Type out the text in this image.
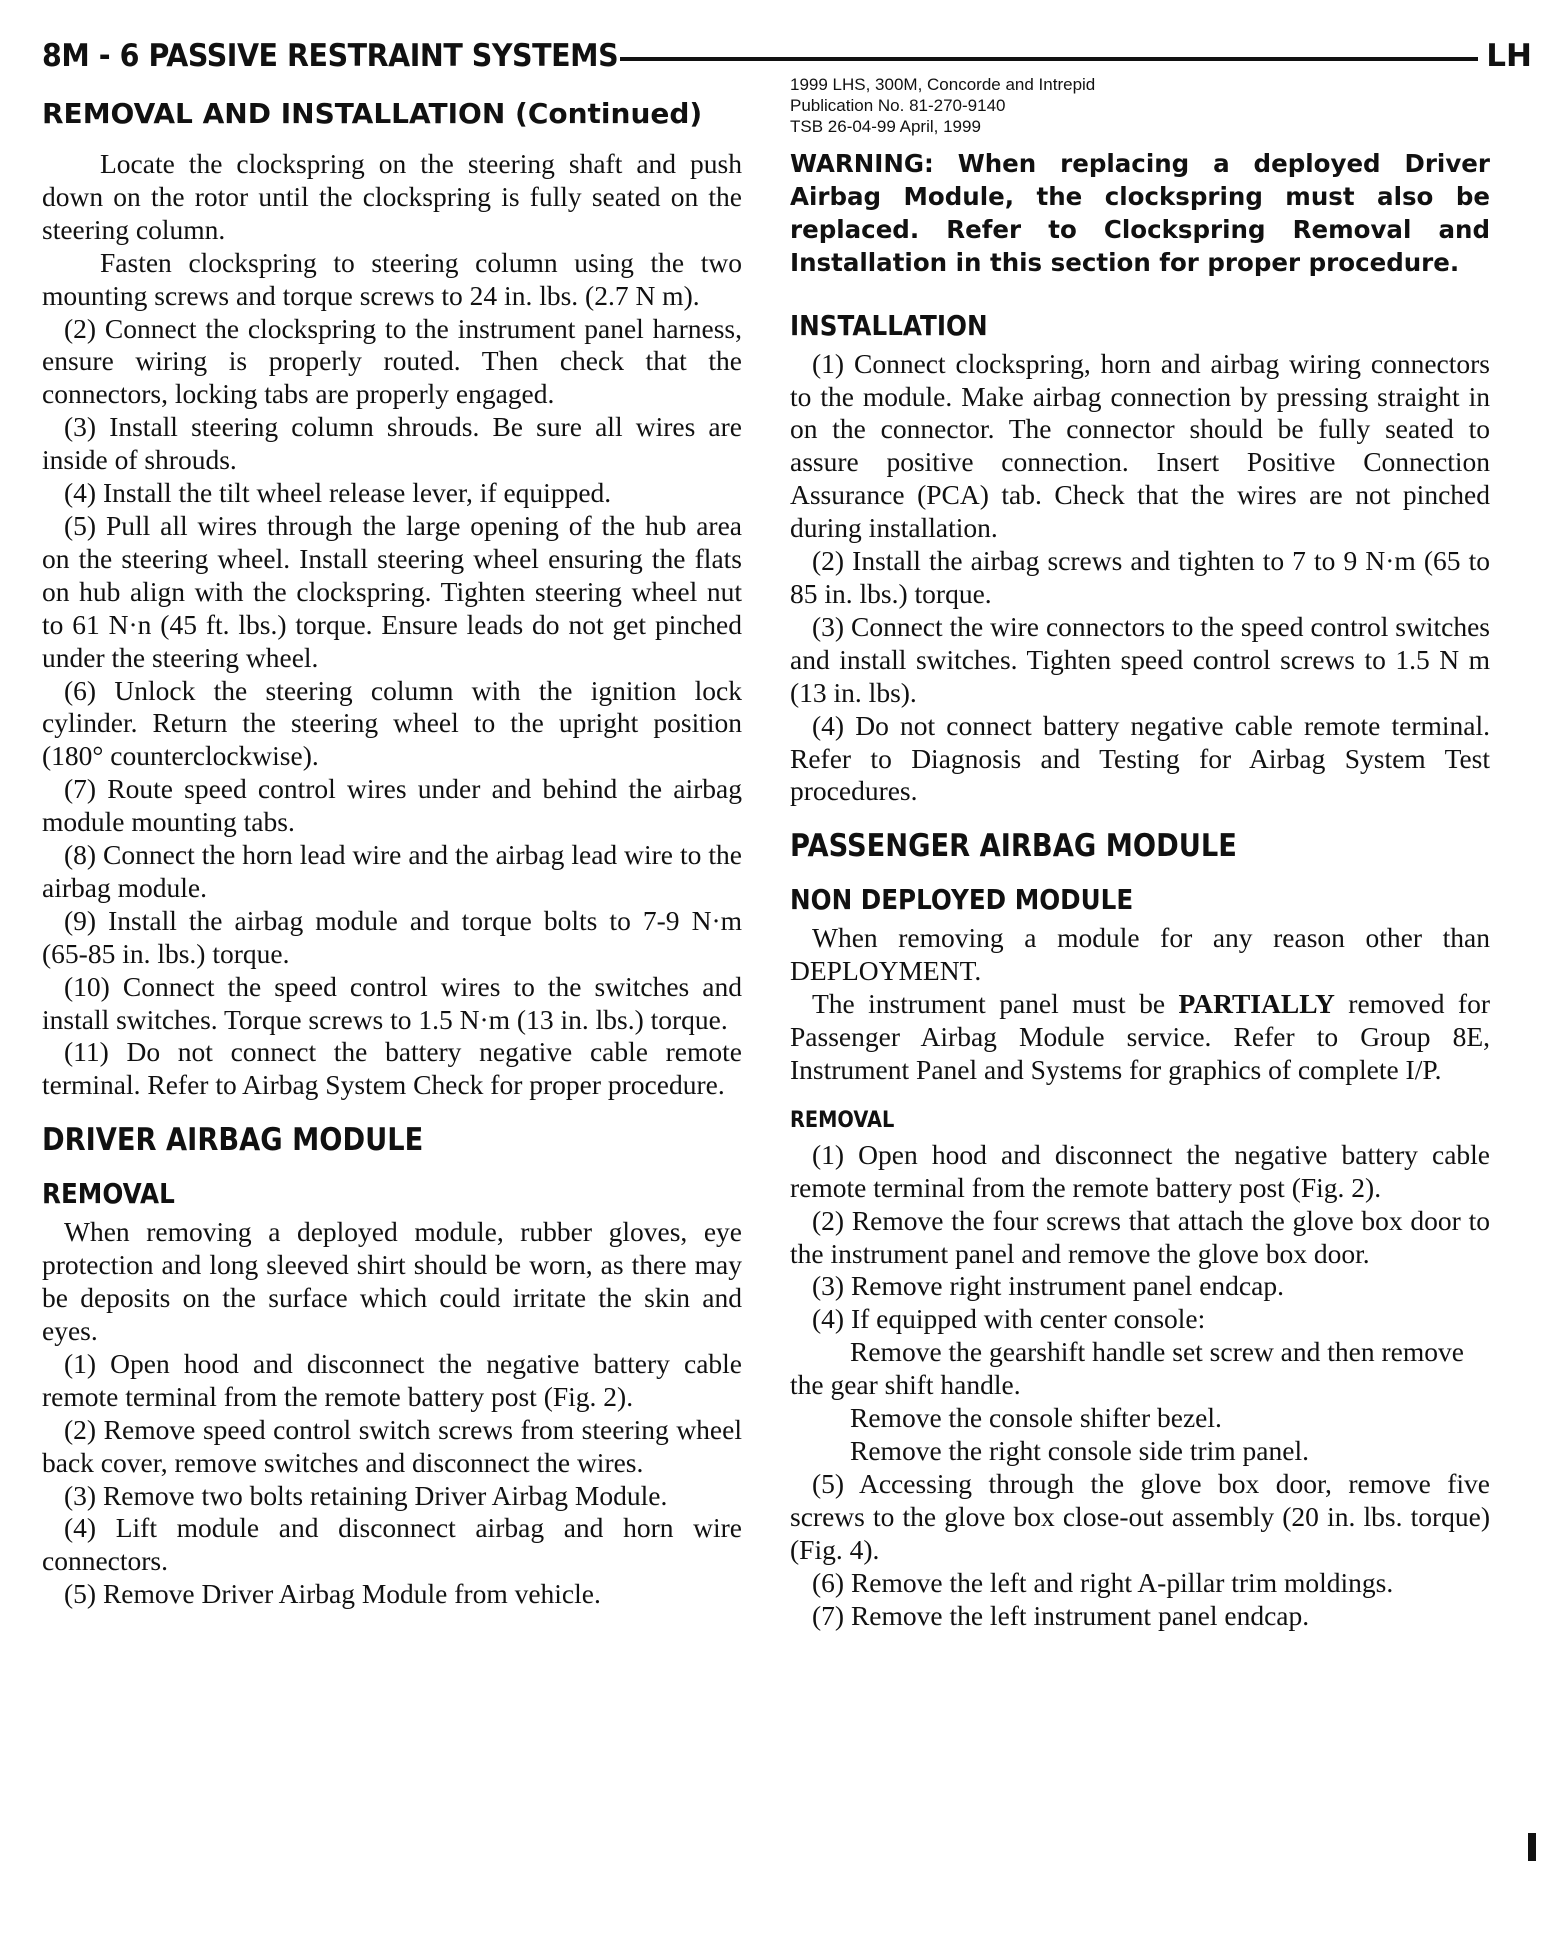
8M - 6 PASSIVE RESTRAINT SYSTEMS	LH
1999 LHS, 300M, Concorde and Intrepid
Publication No. 81-270-9140
TSB 26-04-99 April, 1999
REMOVAL AND INSTALLATION (Continued)

Locate the clockspring on the steering shaft and push down on the rotor until the clockspring is fully seated on the steering column.

Fasten clockspring to steering column using the two mounting screws and torque screws to 24 in. lbs. (2.7 N m).

(2) Connect the clockspring to the instrument panel harness, ensure wiring is properly routed. Then check that the connectors, locking tabs are properly engaged.

(3) Install steering column shrouds. Be sure all wires are inside of shrouds.

(4) Install the tilt wheel release lever, if equipped.

(5) Pull all wires through the large opening of the hub area on the steering wheel. Install steering wheel ensuring the flats on hub align with the clockspring. Tighten steering wheel nut to 61 N·n (45 ft. lbs.) torque. Ensure leads do not get pinched under the steering wheel.

(6) Unlock the steering column with the ignition lock cylinder. Return the steering wheel to the upright position (180° counterclockwise).

(7) Route speed control wires under and behind the airbag module mounting tabs.

(8) Connect the horn lead wire and the airbag lead wire to the airbag module.

(9) Install the airbag module and torque bolts to 7-9 N·m (65-85 in. lbs.) torque.

(10) Connect the speed control wires to the switches and install switches. Torque screws to 1.5 N·m (13 in. lbs.) torque.

(11) Do not connect the battery negative cable remote terminal. Refer to Airbag System Check for proper procedure.

DRIVER AIRBAG MODULE
REMOVAL

When removing a deployed module, rubber gloves, eye protection and long sleeved shirt should be worn, as there may be deposits on the surface which could irritate the skin and eyes.

(1) Open hood and disconnect the negative battery cable remote terminal from the remote battery post (Fig. 2).

(2) Remove speed control switch screws from steering wheel back cover, remove switches and disconnect the wires.

(3) Remove two bolts retaining Driver Airbag Module.

(4) Lift module and disconnect airbag and horn wire connectors.

(5) Remove Driver Airbag Module from vehicle.

WARNING: When replacing a deployed Driver Airbag Module, the clockspring must also be replaced. Refer to Clockspring Removal and Installation in this section for proper procedure.
INSTALLATION

(1) Connect clockspring, horn and airbag wiring connectors to the module. Make airbag connection by pressing straight in on the connector. The connector should be fully seated to assure positive connection. Insert Positive Connection Assurance (PCA) tab. Check that the wires are not pinched during installation.

(2) Install the airbag screws and tighten to 7 to 9 N·m (65 to 85 in. lbs.) torque.

(3) Connect the wire connectors to the speed control switches and install switches. Tighten speed control screws to 1.5 N m (13 in. lbs).

(4) Do not connect battery negative cable remote terminal. Refer to Diagnosis and Testing for Airbag System Test procedures.

PASSENGER AIRBAG MODULE
NON DEPLOYED MODULE

When removing a module for any reason other than DEPLOYMENT.

The instrument panel must be PARTIALLY removed for Passenger Airbag Module service. Refer to Group 8E, Instrument Panel and Systems for graphics of complete I/P.

REMOVAL

(1) Open hood and disconnect the negative battery cable remote terminal from the remote battery post (Fig. 2).

(2) Remove the four screws that attach the glove box door to the instrument panel and remove the glove box door.

(3) Remove right instrument panel endcap.

(4) If equipped with center console:

Remove the gearshift handle set screw and then remove the gear shift handle.

Remove the console shifter bezel.

Remove the right console side trim panel.

(5) Accessing through the glove box door, remove five screws to the glove box close-out assembly (20 in. lbs. torque) (Fig. 4).

(6) Remove the left and right A-pillar trim moldings.

(7) Remove the left instrument panel endcap.
